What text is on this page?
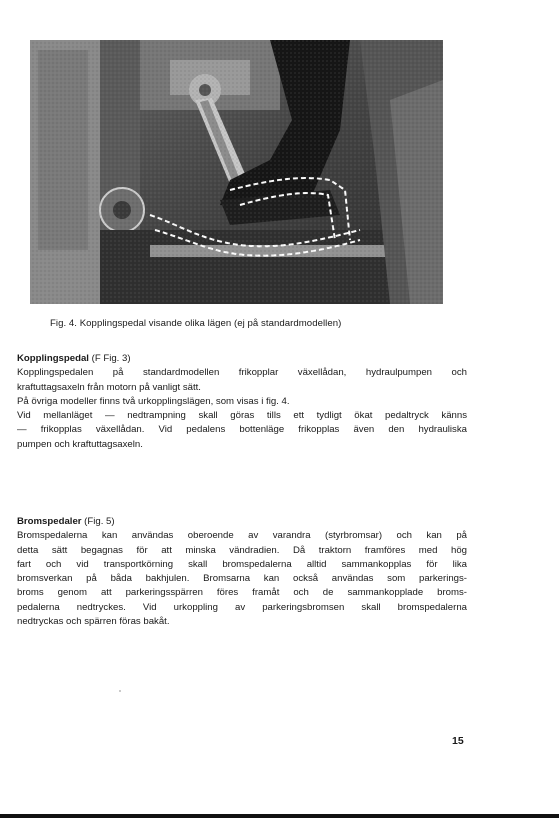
Fig. 4. Kopplingspedal visande olika lägen (ej på standardmodellen)

Kopplingspedal (F Fig. 3)

Kopplingspedalen på standardmodellen frikopplar växellådan, hydraulpumpen och
kraftuttagsaxeln från motorn på vanligt sätt.
På övriga modeller finns två urkopplingslägen, som visas i fig. 4.
Vid mellanläget — nedtrampning skall göras tills ett tydligt ökat pedaltryck känns
— frikopplas växellådan. Vid pedalens bottenläge frikopplas även den hydrauliska
pumpen och kraftuttagsaxeln.

Bromspedaler (Fig. 5)

Bromspedalerna kan användas oberoende av varandra (styrbromsar) och kan på
detta sätt begagnas för att minska vändradien. Då traktorn framföres med hög
fart och vid transportkörning skall bromspedalerna alltid sammankopplas för lika
bromsverkan på båda bakhjulen. Bromsarna kan också användas som parkerings-
broms genom att parkeringsspärren föres framåt och de sammankopplade broms-
pedalerna nedtryckes. Vid urkoppling av parkeringsbromsen skall bromspedalerna
nedtryckas och spärren föras bakåt.
15
